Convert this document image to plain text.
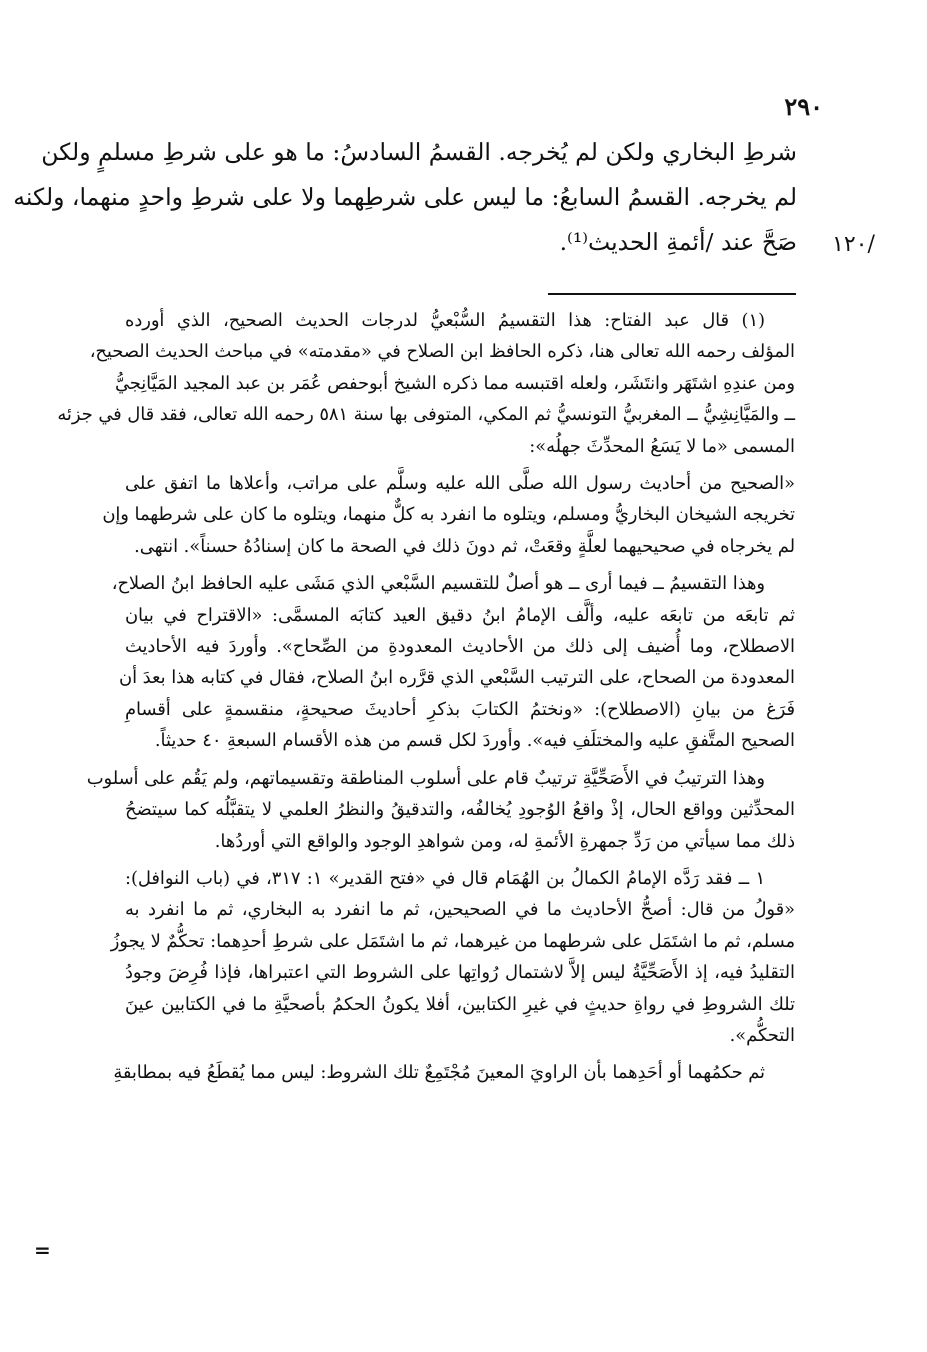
٢٩٠
شرطِ البخاري ولكن لم يُخرجه. القسمُ السادسُ: ما هو على شرطِ مسلمٍ ولكن
لم يخرجه. القسمُ السابعُ: ما ليس على شرطِهما ولا على شرطِ واحدٍ منهما، ولكنه
صَحَّ عند /أئمةِ الحديث⁽¹⁾. /١٢٠
(١) قال عبد الفتاح: هذا التقسيمُ السُّبْعيُّ لدرجات الحديث الصحيح، الذي أورده
المؤلف رحمه الله تعالى هنا، ذكره الحافظ ابن الصلاح في «مقدمته» في مباحث الحديث الصحيح،
ومن عندِهِ اشتَهَر وانتَشَر، ولعله اقتبسه مما ذكره الشيخ أبوحفص عُمَر بن عبد المجيد المَيَّانِجيُّ
ــ والمَيَّانِشِيُّ ــ المغربيُّ التونسيُّ ثم المكي، المتوفى بها سنة ٥٨١ رحمه الله تعالى، فقد قال في جزئه
المسمى «ما لا يَسَعُ المحدِّثَ جهلُه»:
«الصحيح من أحاديث رسول الله صلَّى الله عليه وسلَّم على مراتب، وأعلاها ما اتفق على
تخريجه الشيخان البخاريُّ ومسلم، ويتلوه ما انفرد به كلٌّ منهما، ويتلوه ما كان على شرطهما وإن
لم يخرجاه في صحيحيهما لعلَّةٍ وقعَتْ، ثم دونَ ذلك في الصحة ما كان إسنادُهُ حسناً». انتهى.
وهذا التقسيمُ ــ فيما أرى ــ هو أصلٌ للتقسيم السَّبْعي الذي مَشَى عليه الحافظ ابنُ الصلاح،
ثم تابعَه من تابعَه عليه، وألَّف الإمامُ ابنُ دقيق العيد كتابَه المسمَّى: «الاقتراح في بيان
الاصطلاح، وما أُضيف إلى ذلك من الأحاديث المعدودةِ من الصِّحاح». وأوردَ فيه الأحاديث
المعدودة من الصحاح، على الترتيب السَّبْعي الذي قرَّره ابنُ الصلاح، فقال في كتابه هذا بعدَ أن
فَرَغ من بيانِ (الاصطلاح): «ونختمُ الكتابَ بذكرِ أحاديثَ صحيحةٍ، منقسمةٍ على أقسامِ
الصحيح المتَّفقِ عليه والمختلَفِ فيه». وأوردَ لكل قسم من هذه الأقسام السبعةِ ٤٠ حديثاً.
وهذا الترتيبُ في الأَصَحِّيَّةِ ترتيبٌ قام على أسلوب المناطقة وتقسيماتهم، ولم يَقُم على أسلوب
المحدِّثين وواقع الحال، إذْ واقعُ الوُجودِ يُخالفُه، والتدقيقُ والنظرُ العلمي لا يتقبَّلُه كما سيتضحُ
ذلك مما سيأتي من رَدِّ جمهرةِ الأئمةِ له، ومن شواهدِ الوجود والواقع التي أوردُها.
١ ــ فقد رَدَّه الإمامُ الكمالُ بن الهُمَام قال في «فتح القدير» ١: ٣١٧، في (باب النوافل):
«قولُ من قال: أصحُّ الأحاديث ما في الصحيحين، ثم ما انفرد به البخاري، ثم ما انفرد به
مسلم، ثم ما اشتَمَل على شرطهما من غيرهما، ثم ما اشتَمَل على شرطِ أحدِهما: تحكُّمٌ لا يجوزُ
التقليدُ فيه، إذ الأَصَحِّيَّةُ ليس إلاَّ لاشتمال رُواتِها على الشروط التي اعتبراها، فإذا فُرِضَ وجودُ
تلك الشروطِ في رواةِ حديثٍ في غيرِ الكتابين، أفلا يكونُ الحكمُ بأصحيَّةِ ما في الكتابين عينَ
التحكُّم».
ثم حكمُهما أو أحَدِهما بأن الراويَ المعينَ مُجْتَمِعٌ تلك الشروط: ليس مما يُقطَعُ فيه بمطابقةِ
=
